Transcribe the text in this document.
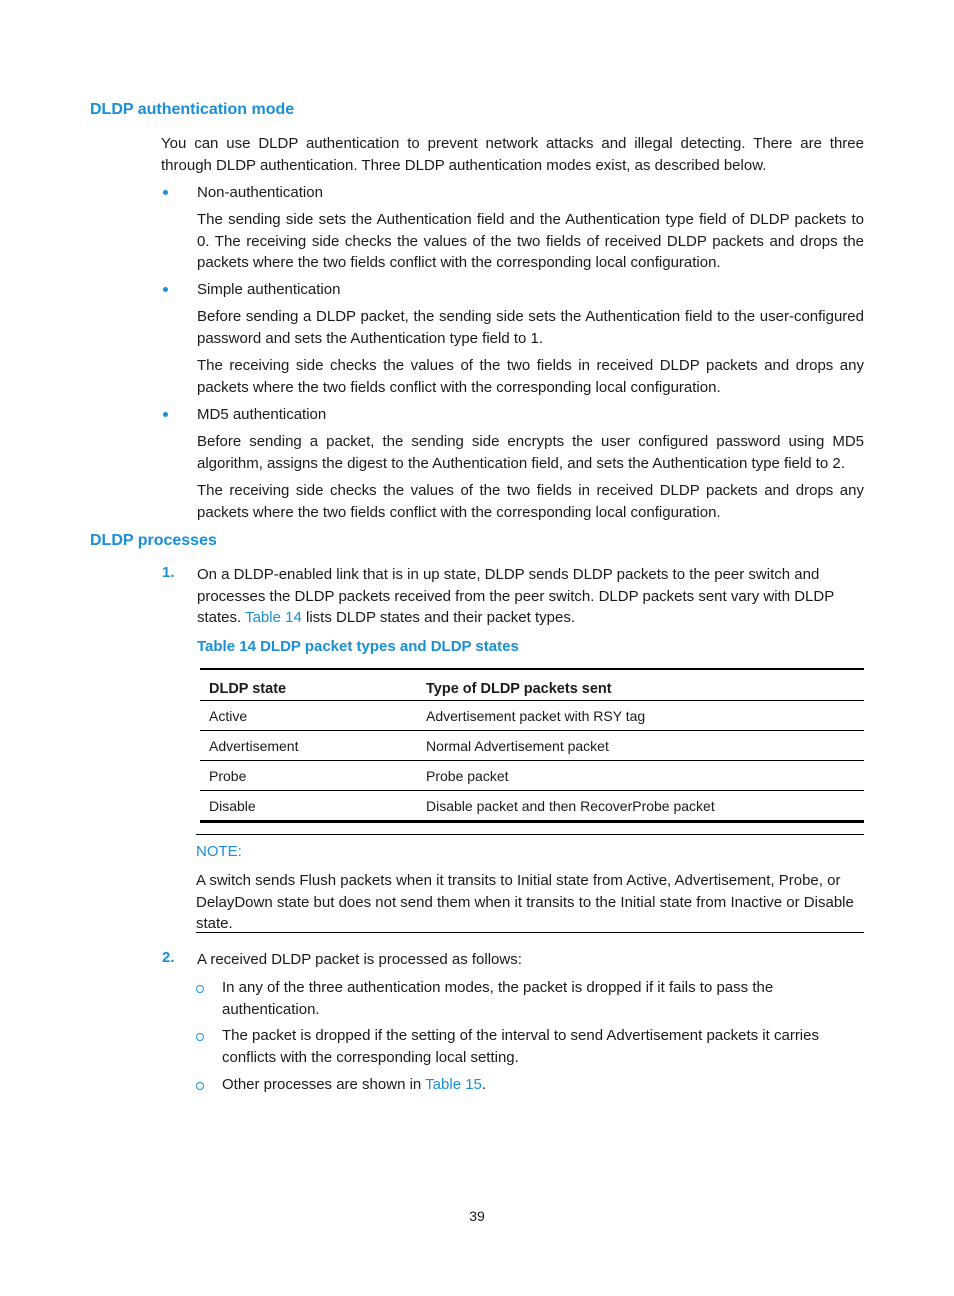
DLDP authentication mode

You can use DLDP authentication to prevent network attacks and illegal detecting. There are three through DLDP authentication. Three DLDP authentication modes exist, as described below.

Non-authentication

The sending side sets the Authentication field and the Authentication type field of DLDP packets to 0. The receiving side checks the values of the two fields of received DLDP packets and drops the packets where the two fields conflict with the corresponding local configuration.

Simple authentication

Before sending a DLDP packet, the sending side sets the Authentication field to the user-configured password and sets the Authentication type field to 1.

The receiving side checks the values of the two fields in received DLDP packets and drops any packets where the two fields conflict with the corresponding local configuration.

MD5 authentication

Before sending a packet, the sending side encrypts the user configured password using MD5 algorithm, assigns the digest to the Authentication field, and sets the Authentication type field to 2.

The receiving side checks the values of the two fields in received DLDP packets and drops any packets where the two fields conflict with the corresponding local configuration.

DLDP processes
1. On a DLDP-enabled link that is in up state, DLDP sends DLDP packets to the peer switch and processes the DLDP packets received from the peer switch. DLDP packets sent vary with DLDP states. Table 14 lists DLDP states and their packet types.

Table 14 DLDP packet types and DLDP states

DLDP state	Type of DLDP packets sent
Active	Advertisement packet with RSY tag
Advertisement	Normal Advertisement packet
Probe	Probe packet
Disable	Disable packet and then RecoverProbe packet
NOTE:
A switch sends Flush packets when it transits to Initial state from Active, Advertisement, Probe, or DelayDown state but does not send them when it transits to the Initial state from Inactive or Disable state.
2. A received DLDP packet is processed as follows:

In any of the three authentication modes, the packet is dropped if it fails to pass the authentication.

The packet is dropped if the setting of the interval to send Advertisement packets it carries conflicts with the corresponding local setting.

Other processes are shown in Table 15.

39
